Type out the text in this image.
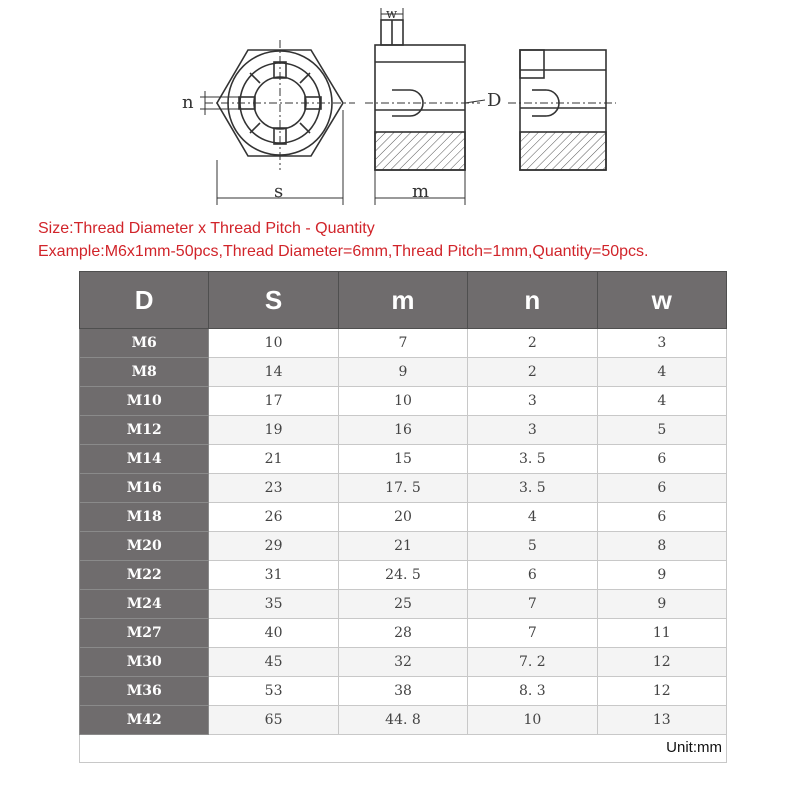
n
s
w
D
m
Size:Thread Diameter x Thread Pitch - Quantity
Example:M6x1mm-50pcs,Thread Diameter=6mm,Thread Pitch=1mm,Quantity=50pcs.
D	S	m	n	w
M6	10	7	2	3
M8	14	9	2	4
M10	17	10	3	4
M12	19	16	3	5
M14	21	15	3. 5	6
M16	23	17. 5	3. 5	6
M18	26	20	4	6
M20	29	21	5	8
M22	31	24. 5	6	9
M24	35	25	7	9
M27	40	28	7	11
M30	45	32	7. 2	12
M36	53	38	8. 3	12
M42	65	44. 8	10	13
Unit:mm
